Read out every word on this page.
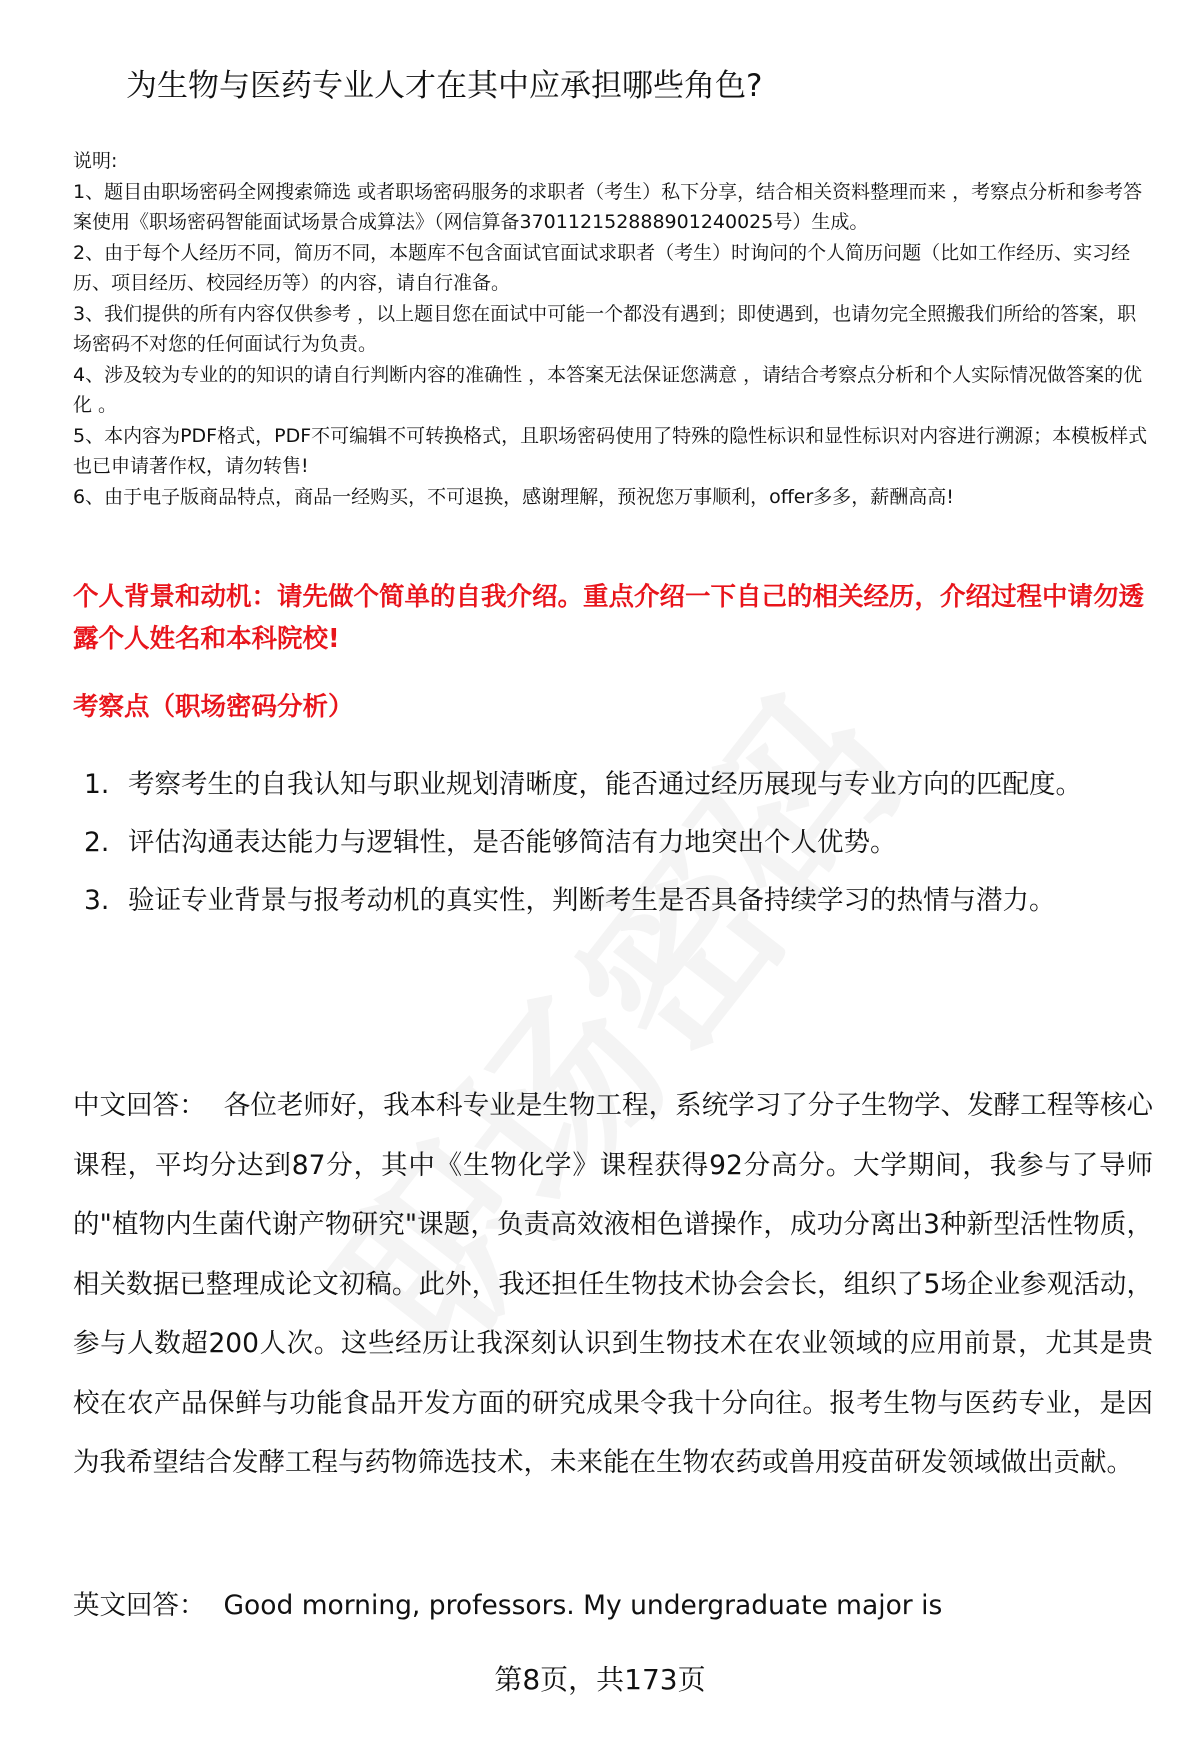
为生物与医药专业人才在其中应承担哪些角色?

说明:

1、题目由职场密码全网搜索筛选 或者职场密码服务的求职者（考生）私下分享，结合相关资料整理而来 ，考察点分析和参考答案使用《职场密码智能面试场景合成算法》（网信算备370112152888901240025号）生成。

2、由于每个人经历不同，简历不同，本题库不包含面试官面试求职者（考生）时询问的个人简历问题（比如工作经历、实习经历、项目经历、校园经历等）的内容，请自行准备。

3、我们提供的所有内容仅供参考 ，以上题目您在面试中可能一个都没有遇到；即使遇到，也请勿完全照搬我们所给的答案，职场密码不对您的任何面试行为负责。

4、涉及较为专业的的知识的请自行判断内容的准确性 ，本答案无法保证您满意 ，请结合考察点分析和个人实际情况做答案的优化 。

5、本内容为PDF格式，PDF不可编辑不可转换格式，且职场密码使用了特殊的隐性标识和显性标识对内容进行溯源；本模板样式也已申请著作权，请勿转售!

6、由于电子版商品特点，商品一经购买，不可退换，感谢理解，预祝您万事顺利，offer多多，薪酬高高!

个人背景和动机：请先做个简单的自我介绍。重点介绍一下自己的相关经历，介绍过程中请勿透露个人姓名和本科院校!
考察点（职场密码分析）
1. 考察考生的自我认知与职业规划清晰度，能否通过经历展现与专业方向的匹配度。
2. 评估沟通表达能力与逻辑性，是否能够简洁有力地突出个人优势。
3. 验证专业背景与报考动机的真实性，判断考生是否具备持续学习的热情与潜力。
中文回答： 各位老师好，我本科专业是生物工程，系统学习了分子生物学、发酵工程等核心课程，平均分达到87分，其中《生物化学》课程获得92分高分。大学期间，我参与了导师的"植物内生菌代谢产物研究"课题，负责高效液相色谱操作，成功分离出3种新型活性物质，相关数据已整理成论文初稿。此外，我还担任生物技术协会会长，组织了5场企业参观活动，参与人数超200人次。这些经历让我深刻认识到生物技术在农业领域的应用前景，尤其是贵校在农产品保鲜与功能食品开发方面的研究成果令我十分向往。报考生物与医药专业，是因为我希望结合发酵工程与药物筛选技术，未来能在生物农药或兽用疫苗研发领域做出贡献。
英文回答： Good morning, professors. My undergraduate major is
第8页，共173页
